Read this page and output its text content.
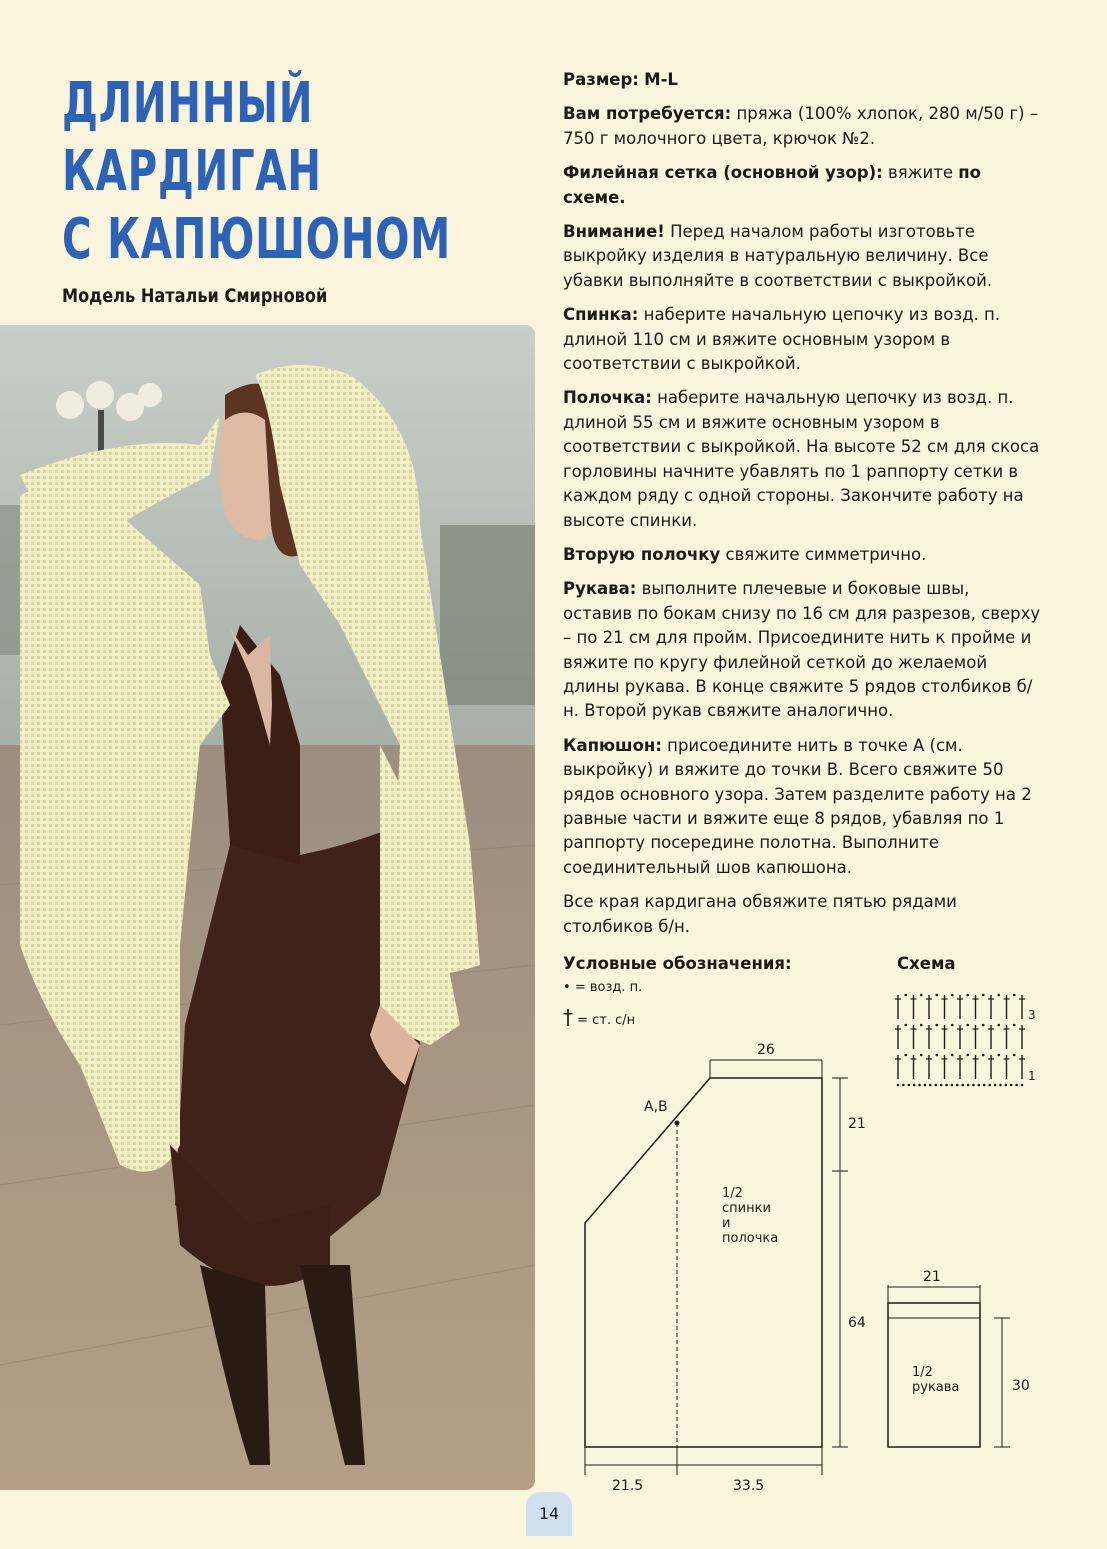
ДЛИННЫЙ
КАРДИГАН
С КАПЮШОНОМ
Модель Натальи Смирновой

Размер: M-L

Вам потребуется: пряжа (100% хлопок, 280 м/50 г) – 750 г молочного цвета, крючок №2.

Филейная сетка (основной узор): вяжите по схеме.

Внимание! Перед началом работы изготовьте выкройку изделия в натуральную величину. Все убавки выполняйте в соответствии с выкройкой.

Спинка: наберите начальную цепочку из возд. п. длиной 110 см и вяжите основным узором в соответствии с выкройкой.

Полочка: наберите начальную цепочку из возд. п. длиной 55 см и вяжите основным узором в соответствии с выкройкой. На высоте 52 см для скоса горловины начните убавлять по 1 раппорту сетки в каждом ряду с одной стороны. Закончите работу на высоте спинки.

Вторую полочку свяжите симметрично.

Рукава: выполните плечевые и боковые швы, оставив по бокам снизу по 16 см для разрезов, сверху – по 21 см для пройм. Присоедините нить к пройме и вяжите по кругу филейной сеткой до желаемой длины рукава. В конце свяжите 5 рядов столбиков б/н. Второй рукав свяжите аналогично.

Капюшон: присоедините нить в точке А (см. выкройку) и вяжите до точки В. Всего свяжите 50 рядов основного узора. Затем разделите работу на 2 равные части и вяжите еще 8 рядов, убавляя по 1 раппорту посередине полотна. Выполните соединительный шов капюшона.

Все края кардигана обвяжите пятью рядами столбиков б/н.

Условные обозначения:
• = возд. п.
† = ст. с/н
Схема
3
1
26
A,B
21
64
21.5	33.5
1/2
спинки
и
полочка
21
30
1/2
рукава
14
